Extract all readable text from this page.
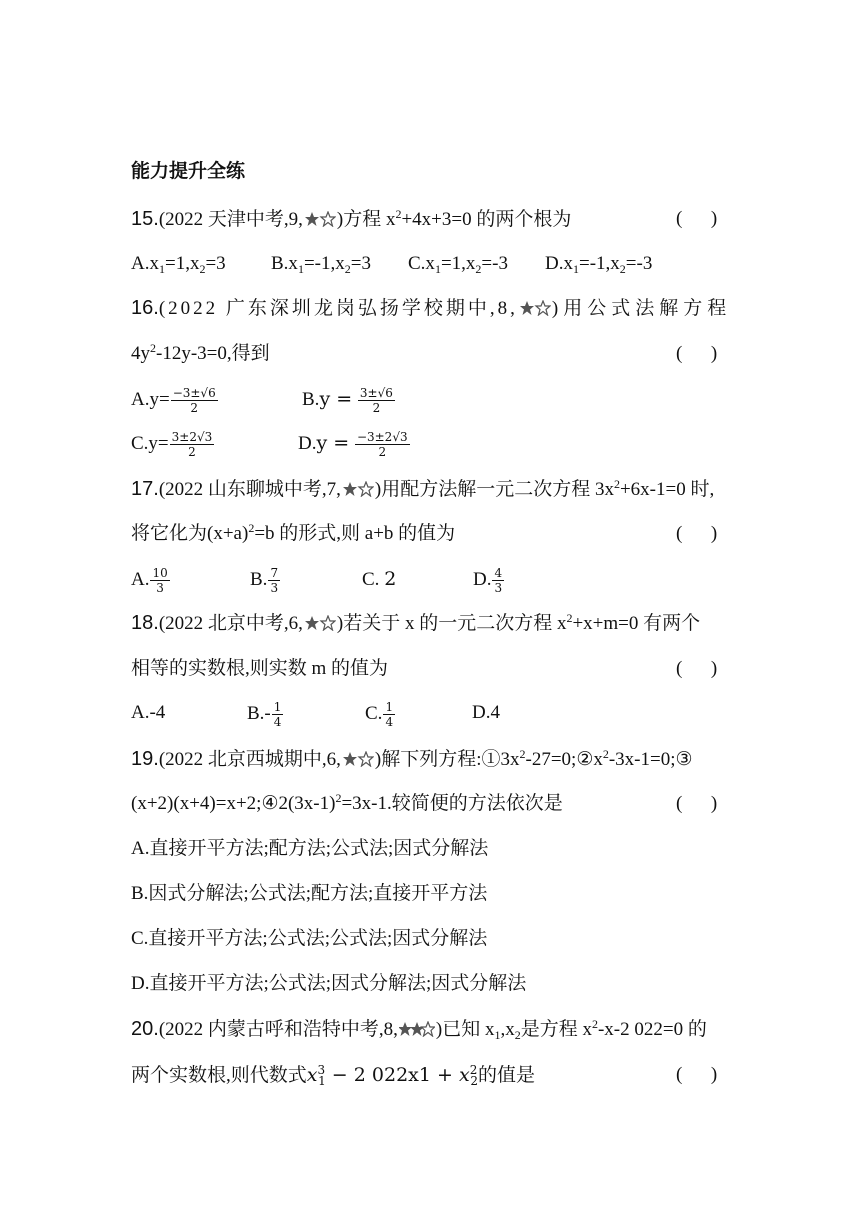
能力提升全练
15.(2022 天津中考,9, )方程 $x^2+4x+3=0$ 的两个根为	(      )
$A.x_1=1,x_2=3$ $B.x_1=-1,x_2=3$ $C.x_1=1,x_2=-3$ $D.x_1=-1,x_2=-3$
16.(2022 广东深圳龙岗弘扬学校期中,8, )用公式法解方程
$4y^2-12y-3=0$,得到	(      )
$A.y= \frac{-3\pm√6}{2}$	$B.y = \frac{3\pm√6}{2}$
$C.y= \frac{3\pm 2√3}{2}$	$D.y = \frac{-3\pm 2√3}{2}$
17.(2022 山东聊城中考,7, )用配方法解一元二次方程 $3x^2+6x-1=0$ 时,
将它化为$(x+a)^2=b$ 的形式,则 a+b 的值为	(      )
A. $\frac{10}{3}$	B. $\frac{7}{3}$	C. 2	D. $\frac{4}{3}$
18.(2022 北京中考,6, )若关于 x 的一元二次方程 $x^2+x+m=0$ 有两个
相等的实数根,则实数 m 的值为	(      )
A.-4	$B.- \frac{1}{4}$	C. $\frac{1}{4}$	D.4
19.(2022 北京西城期中,6, )解下列方程$:①3x^2-27=0;②x^2-3x-1=0;③$
$(x+2)(x+4)=x+2;④2(3x-1)^2=3x-1$.较简便的方法依次是	(      )
A.直接开平方法;配方法;公式法;因式分解法
B.因式分解法;公式法;配方法;直接开平方法
C.直接开平方法;公式法;公式法;因式分解法
D.直接开平方法;公式法;因式分解法;因式分解法
20.(2022 内蒙古呼和浩特中考,8, )已知 $x_1,x_2$是方程 $x^2-x-2$ 022=0 的
两个实数根,则代数式$x^3_1 - 2$ $022x1 + x^2_2$的值是	(      )
